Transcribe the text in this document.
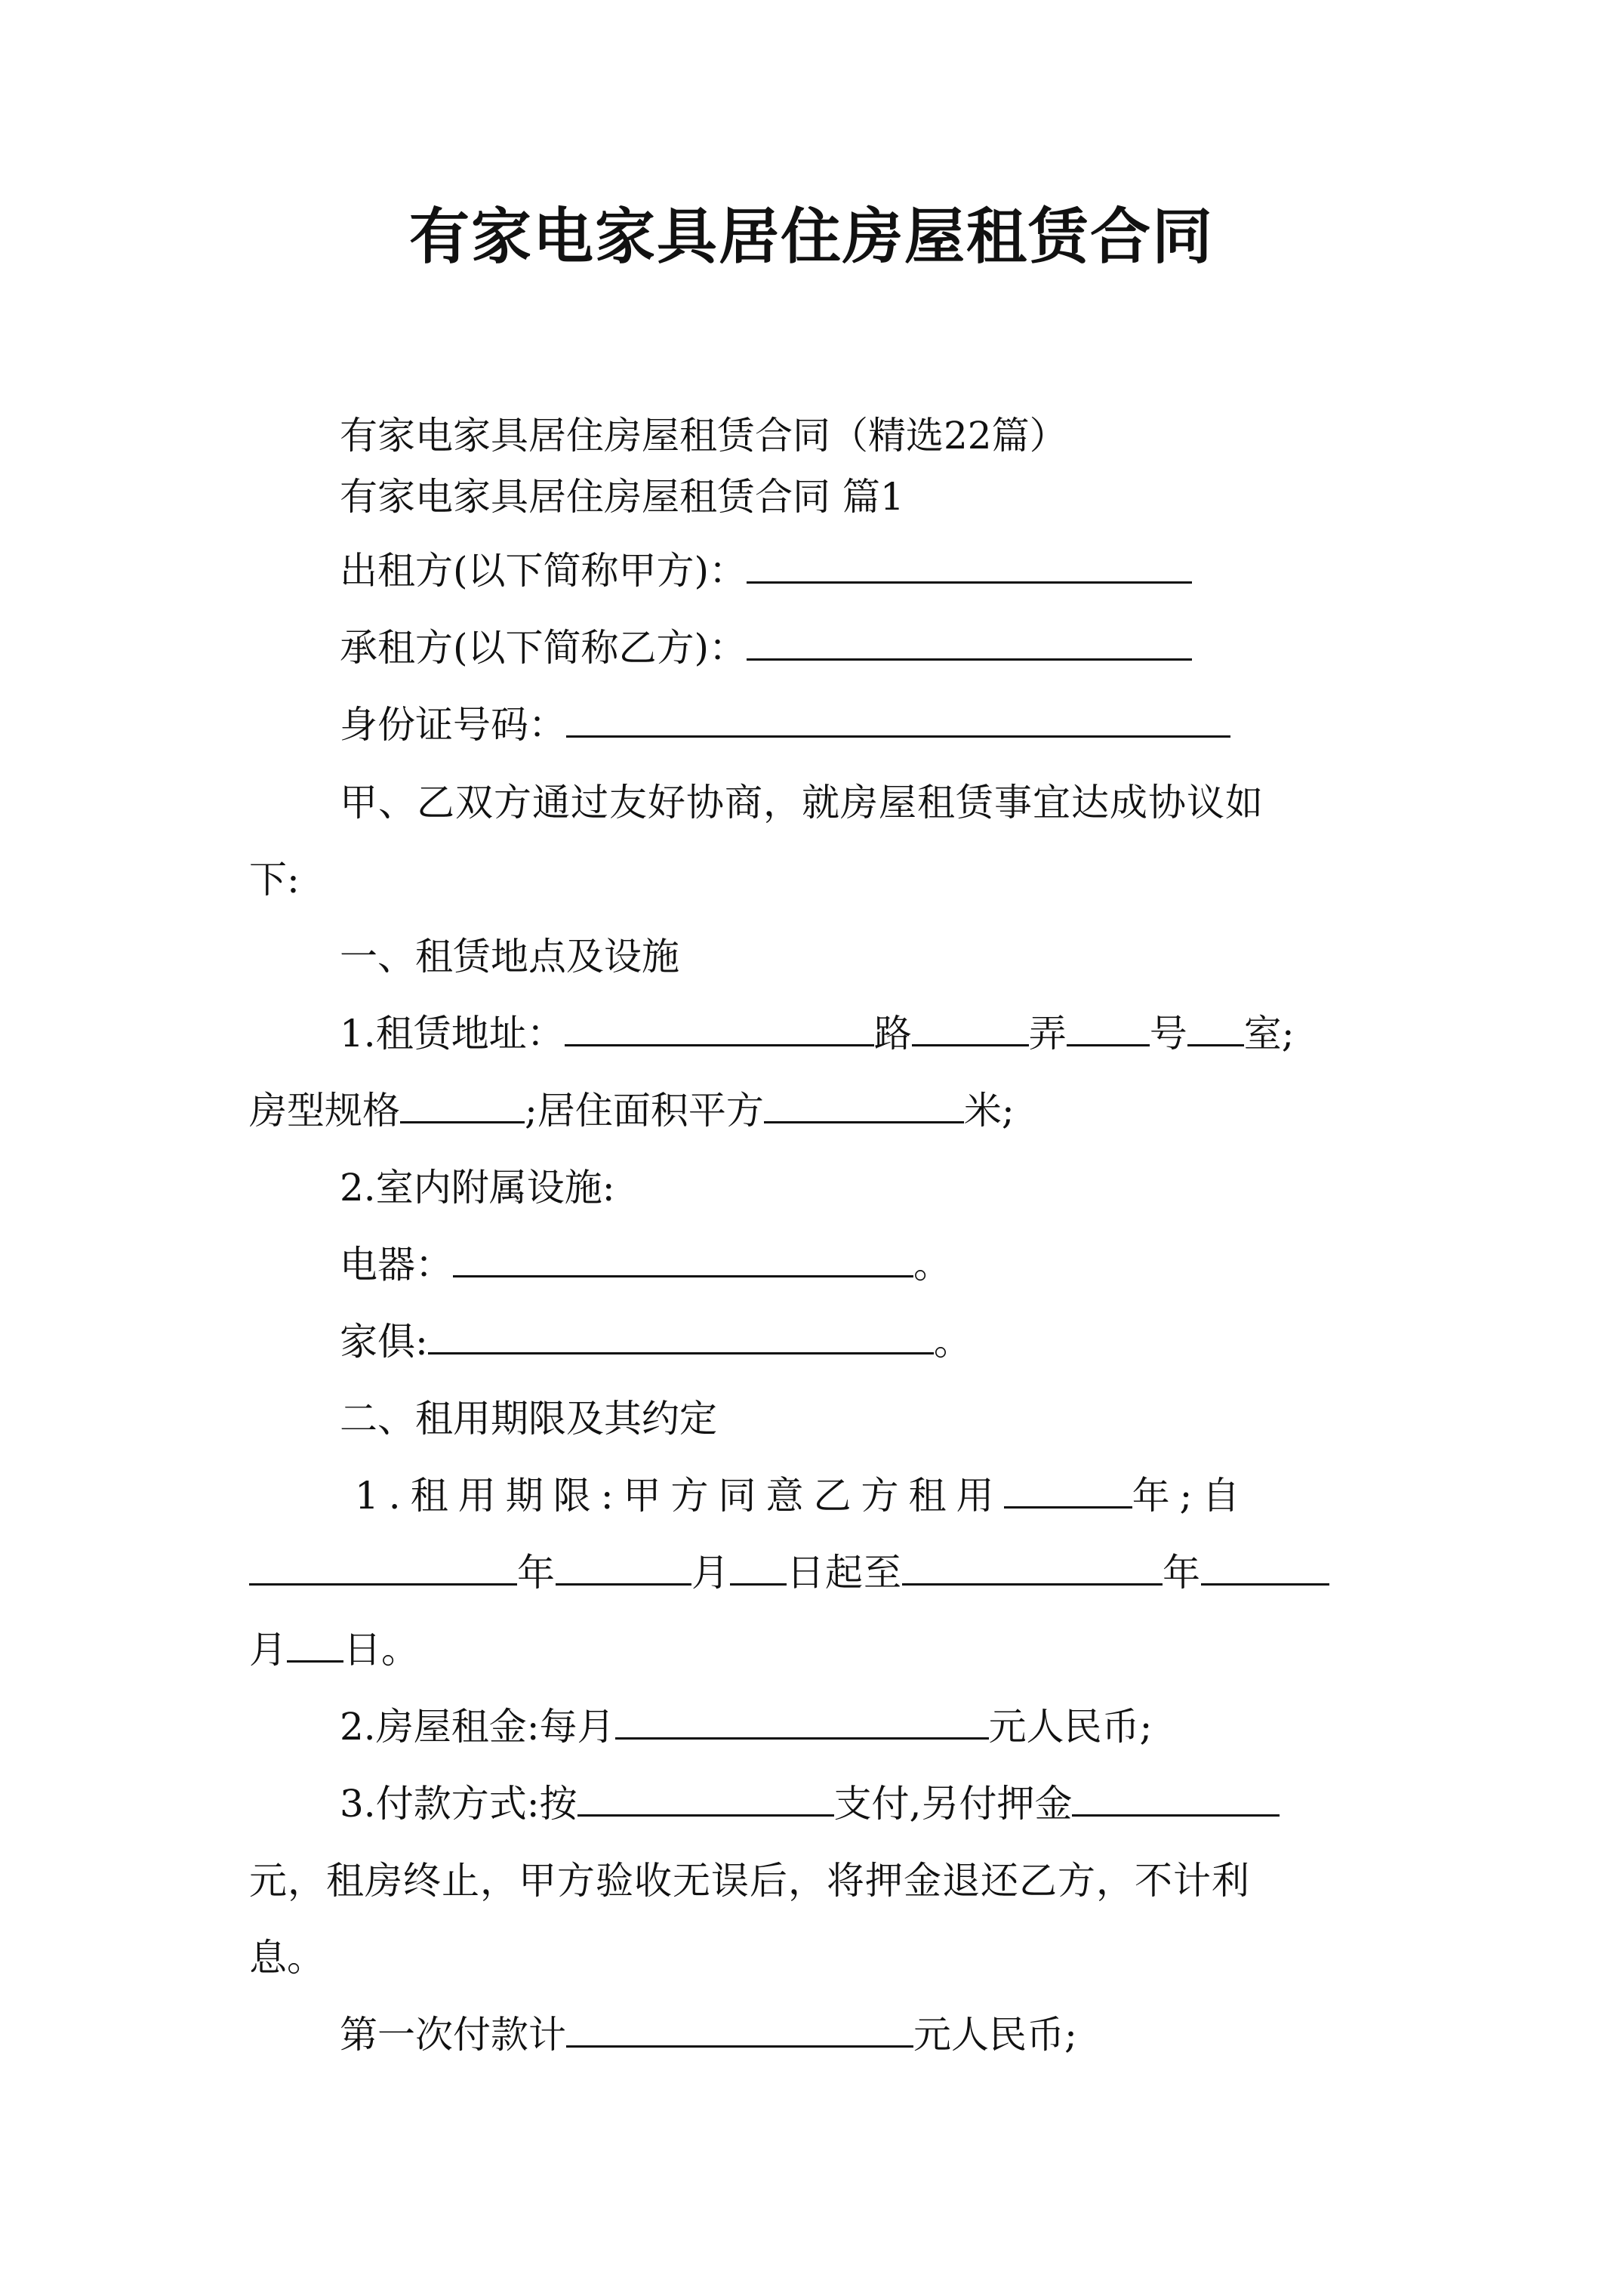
有家电家具居住房屋租赁合同
有家电家具居住房屋租赁合同（精选22篇）
有家电家具居住房屋租赁合同 篇1
出租方(以下简称甲方)：
承租方(以下简称乙方)：
身份证号码：
甲、乙双方通过友好协商，就房屋租赁事宜达成协议如
下:
一、租赁地点及设施
1.租赁地址：	路	弄 号 室;
房型规格	;居住面积平方	米;
2.室内附属设施:
电器：	。
家俱:	。
二、租用期限及其约定
1.租用期限:甲方同意乙方租用	年;自
年	月 日起至	年
月 日。
2.房屋租金:每月	元人民币;
3.付款方式:按	支付,另付押金
元，租房终止，甲方验收无误后，将押金退还乙方，不计利
息。
第一次付款计	元人民币;
